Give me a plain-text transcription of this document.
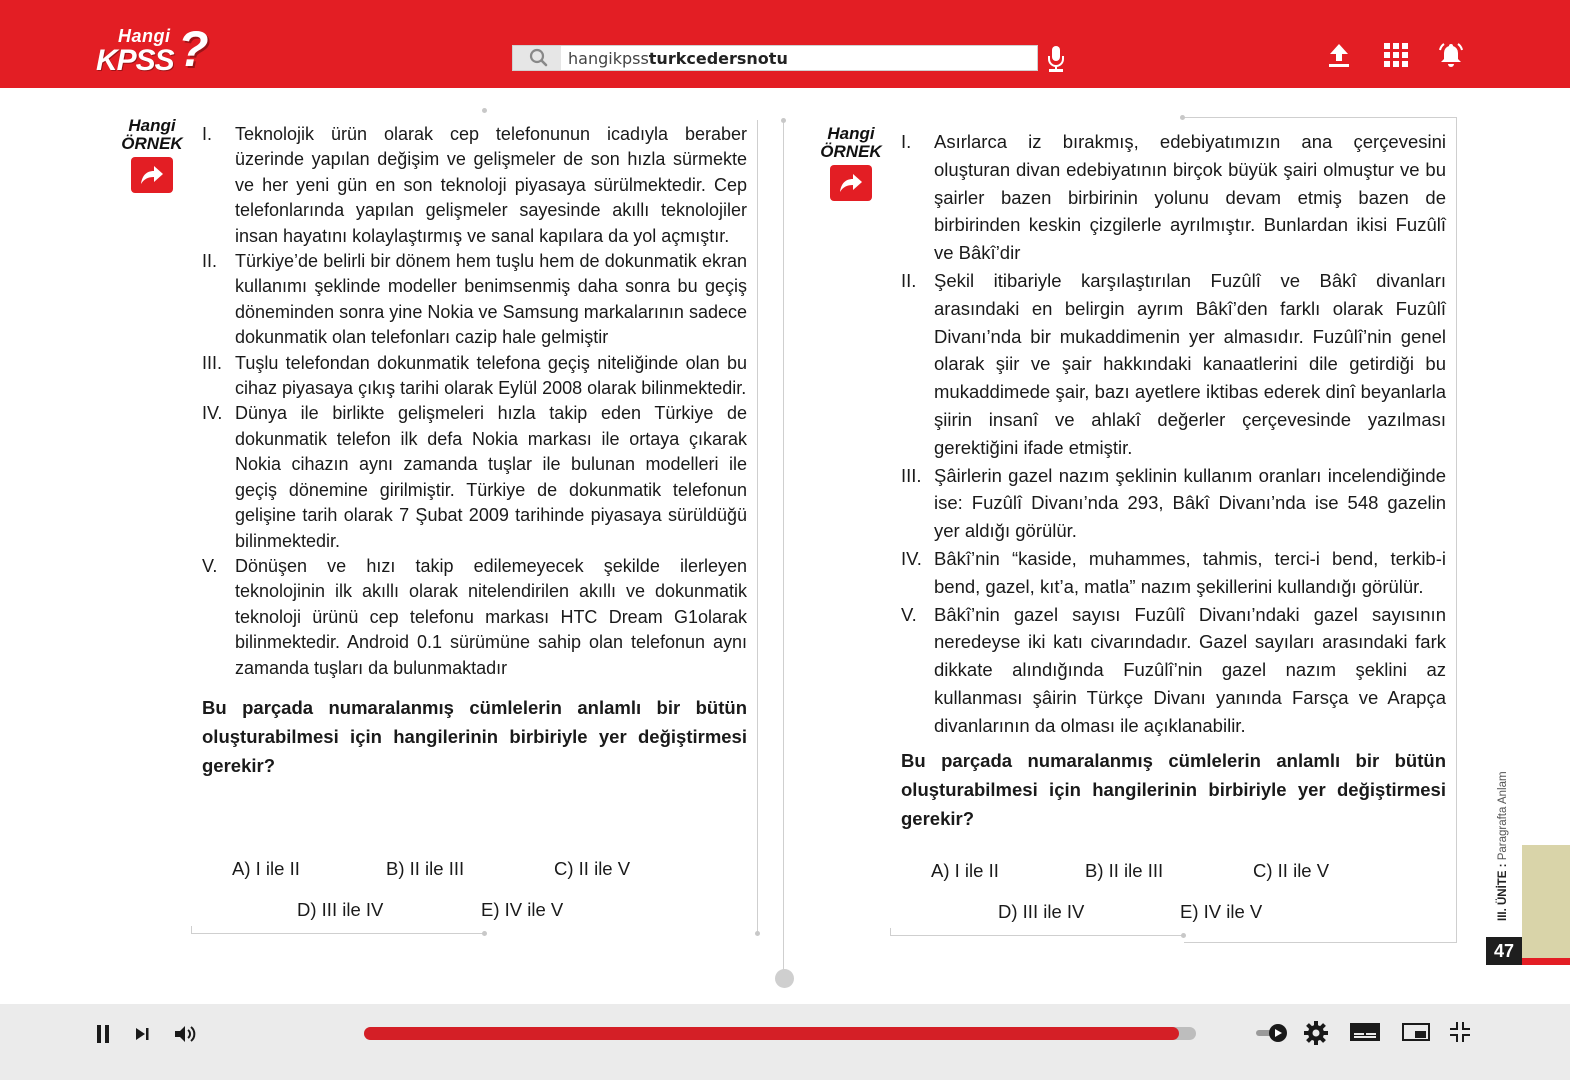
Hangi
KPSS ?	hangikpssturkcedersnotu
Hangi
ÖRNEK	I. Teknolojik ürün olarak cep telefonunun icadıyla beraber üzerinde yapılan değişim ve gelişmeler de son hızla sürmekte ve her yeni gün en son teknoloji piyasaya sürülmektedir. Cep telefonlarında yapılan gelişmeler sayesinde akıllı teknolojiler insan hayatını kolaylaştırmış ve sanal kapılara da yol açmıştır.
II. Türkiye’de belirli bir dönem hem tuşlu hem de dokunmatik ekran kullanımı şeklinde modeller benimsenmiş daha sonra bu geçiş döneminden sonra yine Nokia ve Samsung markalarının sadece dokunmatik olan telefonları cazip hale gelmiştir
III. Tuşlu telefondan dokunmatik telefona geçiş niteliğinde olan bu cihaz piyasaya çıkış tarihi olarak Eylül 2008 olarak bilinmektedir.
IV. Dünya ile birlikte gelişmeleri hızla takip eden Türkiye de dokunmatik telefon ilk defa Nokia markası ile ortaya çıkarak Nokia cihazın aynı zamanda tuşlar ile bulunan modelleri ile geçiş dönemine girilmiştir. Türkiye de dokunmatik telefonun gelişine tarih olarak 7 Şubat 2009 tarihinde piyasaya sürüldüğü bilinmektedir.
V. Dönüşen ve hızı takip edilemeyecek şekilde ilerleyen teknolojinin ilk akıllı olarak nitelendirilen akıllı ve dokunmatik teknoloji ürünü cep telefonu markası HTC Dream G1olarak bilinmektedir. Android 0.1 sürümüne sahip olan telefonun aynı zamanda tuşları da bulunmaktadır
Bu parçada numaralanmış cümlelerin anlamlı bir bütün oluşturabilmesi için hangilerinin birbiriyle yer değiştirmesi gerekir?
A) I ile II	B) II ile III	C) II ile V
D) III ile IV	E) IV ile V
Hangi
ÖRNEK	I. Asırlarca iz bırakmış, edebiyatımızın ana çerçevesini oluşturan divan edebiyatının birçok büyük şairi olmuştur ve bu şairler bazen birbirinin yolunu devam etmiş bazen de birbirinden keskin çizgilerle ayrılmıştır. Bunlardan ikisi Fuzûlî ve Bâkî’dir
II. Şekil itibariyle karşılaştırılan Fuzûlî ve Bâkî divanları arasındaki en belirgin ayrım Bâkî’den farklı olarak Fuzûlî Divanı’nda bir mukaddimenin yer almasıdır. Fuzûlî’nin genel olarak şiir ve şair hakkındaki kanaatlerini dile getirdiği bu mukaddimede şair, bazı ayetlere iktibas ederek dinî beyanlarla şiirin insanî ve ahlakî değerler çerçevesinde yazılması gerektiğini ifade etmiştir.
III. Şâirlerin gazel nazım şeklinin kullanım oranları incelendiğinde ise: Fuzûlî Divanı’nda 293, Bâkî Divanı’nda ise 548 gazelin yer aldığı görülür.
IV. Bâkî’nin “kaside, muhammes, tahmis, terci-i bend, terkib-i bend, gazel, kıt’a, matla” nazım şekillerini kullandığı görülür.
V. Bâkî’nin gazel sayısı Fuzûlî Divanı’ndaki gazel sayısının neredeyse iki katı civarındadır. Gazel sayıları arasındaki fark dikkate alındığında Fuzûlî’nin gazel nazım şeklini az kullanması şâirin Türkçe Divanı yanında Farsça ve Arapça divanlarının da olması ile açıklanabilir.
Bu parçada numaralanmış cümlelerin anlamlı bir bütün oluşturabilmesi için hangilerinin birbiriyle yer değiştirmesi gerekir?
A) I ile II	B) II ile III	C) II ile V
D) III ile IV	E) IV ile V	III. ÜNİTE : Paragrafta Anlam
47
